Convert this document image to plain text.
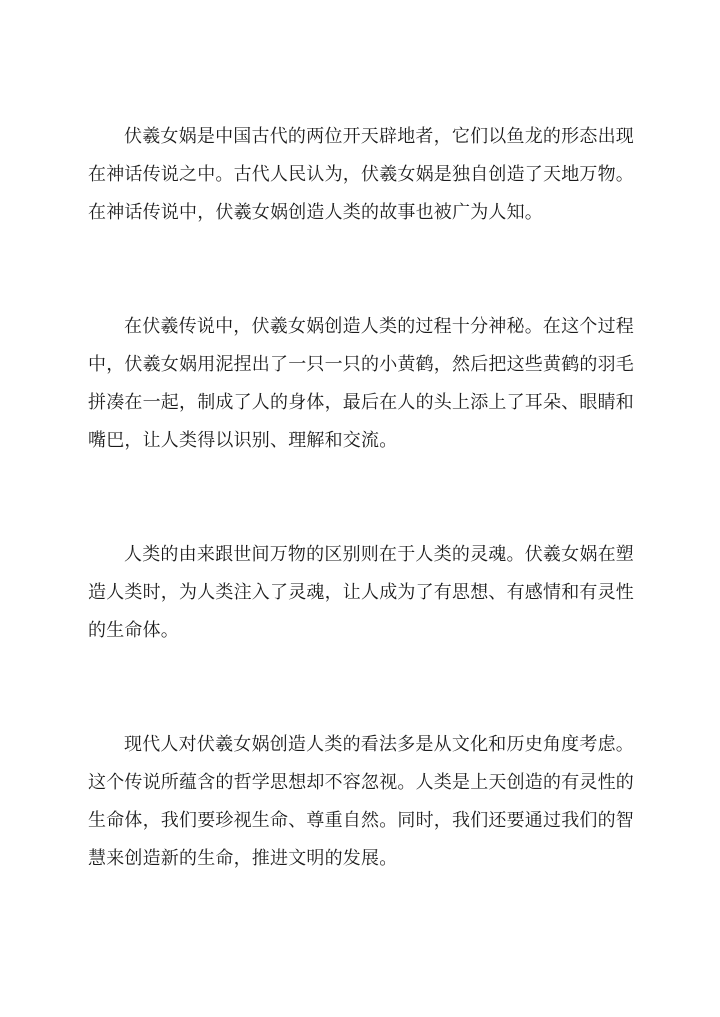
伏羲女娲是中国古代的两位开天辟地者，它们以鱼龙的形态出现在神话传说之中。古代人民认为，伏羲女娲是独自创造了天地万物。在神话传说中，伏羲女娲创造人类的故事也被广为人知。

在伏羲传说中，伏羲女娲创造人类的过程十分神秘。在这个过程中，伏羲女娲用泥捏出了一只一只的小黄鹤，然后把这些黄鹤的羽毛拼凑在一起，制成了人的身体，最后在人的头上添上了耳朵、眼睛和嘴巴，让人类得以识别、理解和交流。

人类的由来跟世间万物的区别则在于人类的灵魂。伏羲女娲在塑造人类时，为人类注入了灵魂，让人成为了有思想、有感情和有灵性的生命体。

现代人对伏羲女娲创造人类的看法多是从文化和历史角度考虑。这个传说所蕴含的哲学思想却不容忽视。人类是上天创造的有灵性的生命体，我们要珍视生命、尊重自然。同时，我们还要通过我们的智慧来创造新的生命，推进文明的发展。
